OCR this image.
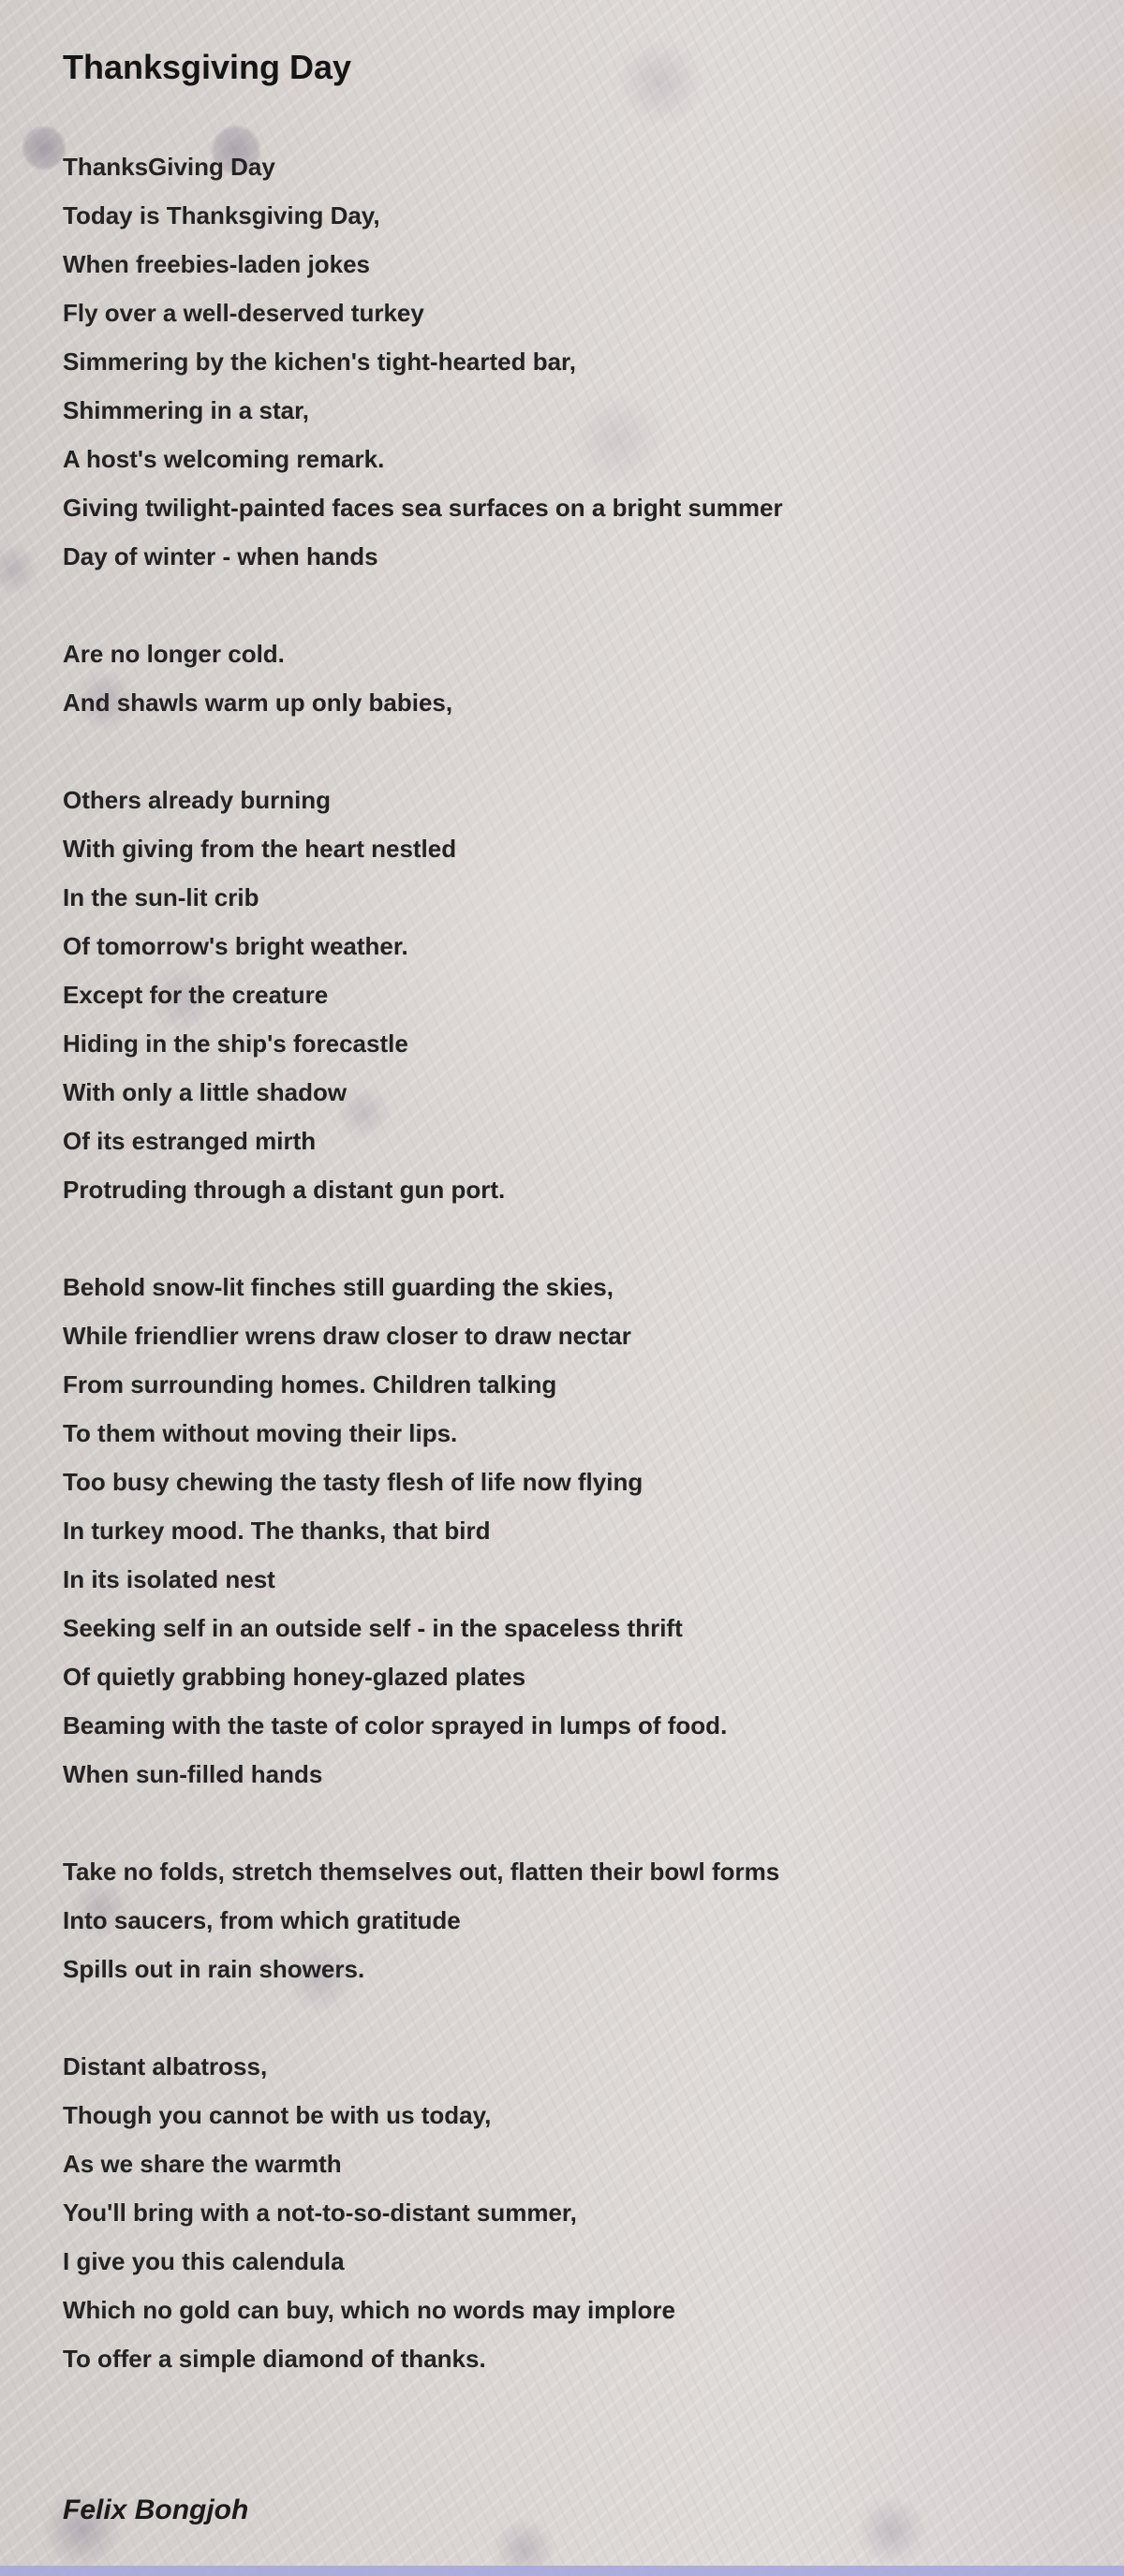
Thanksgiving Day
ThanksGiving Day
Today is Thanksgiving Day,
When freebies-laden jokes
Fly over a well-deserved turkey
Simmering by the kichen's tight-hearted bar,
Shimmering in a star,
A host's welcoming remark.
Giving twilight-painted faces sea surfaces on a bright summer
Day of winter - when hands
Are no longer cold.
And shawls warm up only babies,
Others already burning
With giving from the heart nestled
In the sun-lit crib
Of tomorrow's bright weather.
Except for the creature
Hiding in the ship's forecastle
With only a little shadow
Of its estranged mirth
Protruding through a distant gun port.
Behold snow-lit finches still guarding the skies,
While friendlier wrens draw closer to draw nectar
From surrounding homes. Children talking
To them without moving their lips.
Too busy chewing the tasty flesh of life now flying
In turkey mood. The thanks, that bird
In its isolated nest
Seeking self in an outside self - in the spaceless thrift
Of quietly grabbing honey-glazed plates
Beaming with the taste of color sprayed in lumps of food.
When sun-filled hands
Take no folds, stretch themselves out, flatten their bowl forms
Into saucers, from which gratitude
Spills out in rain showers.
Distant albatross,
Though you cannot be with us today,
As we share the warmth
You'll bring with a not-to-so-distant summer,
I give you this calendula
Which no gold can buy, which no words may implore
To offer a simple diamond of thanks.
Felix Bongjoh
